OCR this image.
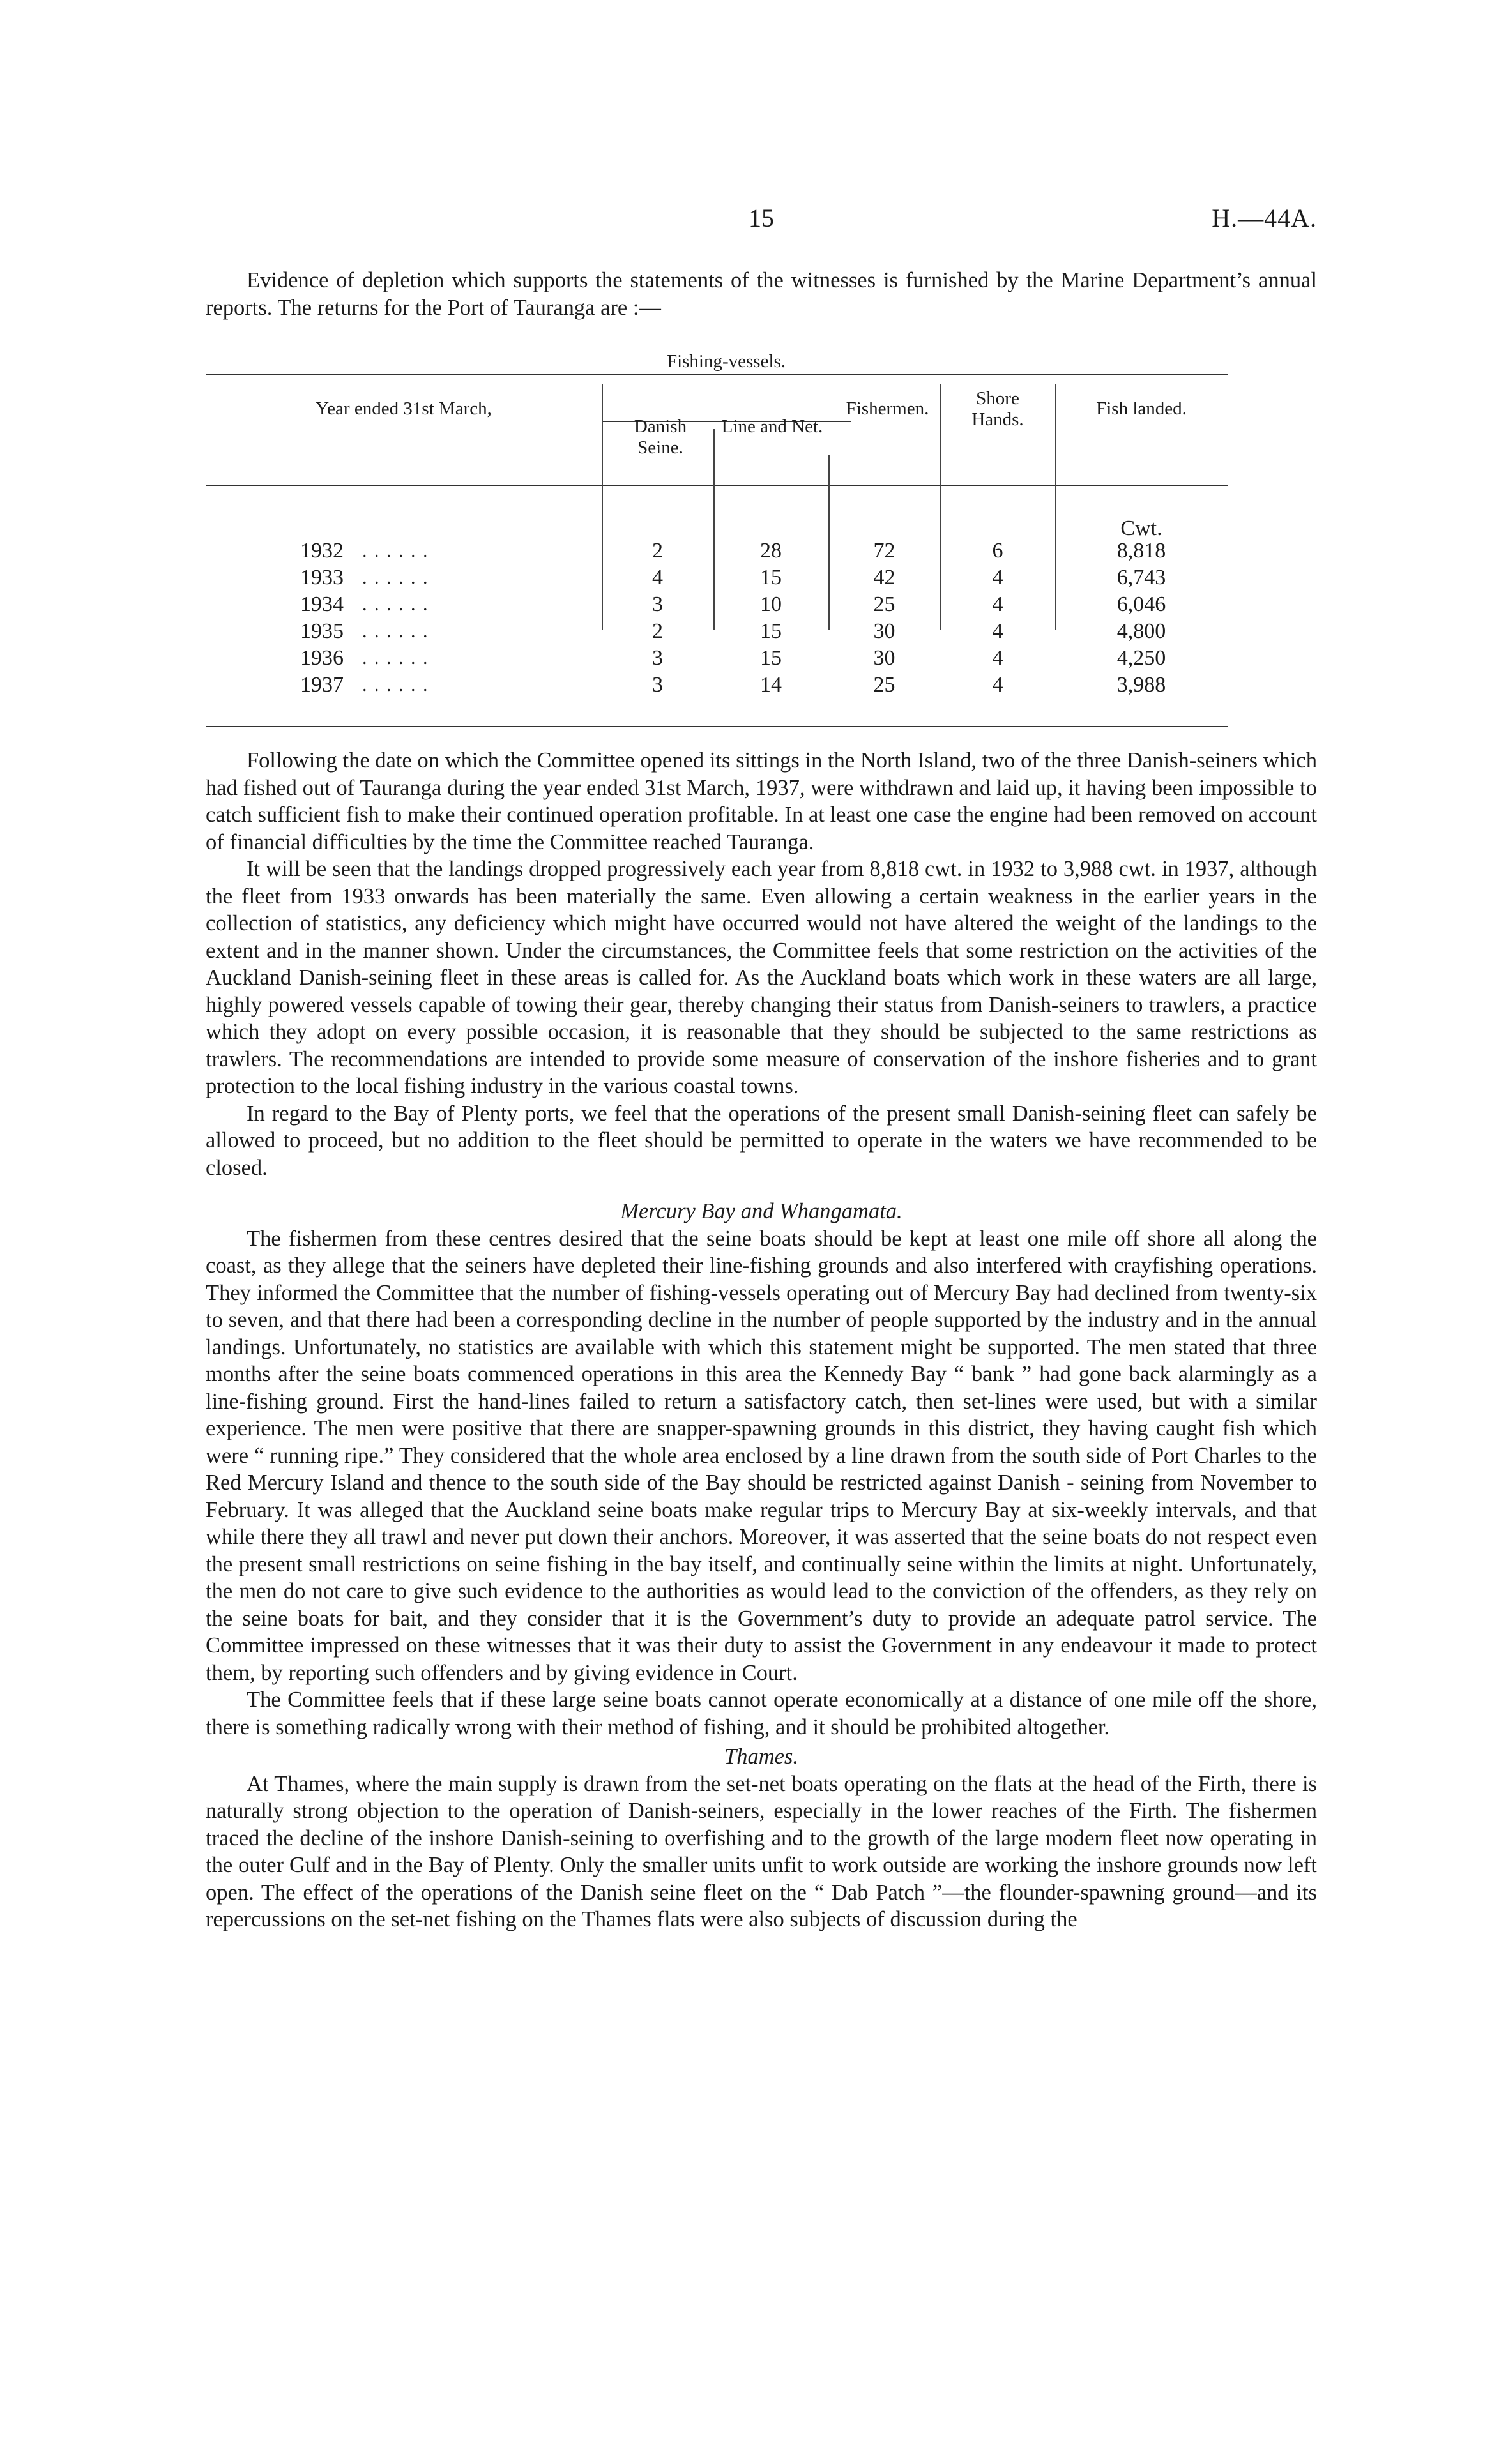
15	H.—44A.

Evidence of depletion which supports the statements of the witnesses is furnished by the Marine Department’s annual reports. The returns for the Port of Tauranga are :—

Year ended 31st March,
Fishing-vessels.
Danish Seine.
Line and Net.
Fishermen.	Shore Hands.
Fish landed.
Cwt.
1932 . . . . . .	2	28	72	6	8,818
1933 . . . . . .	4	15	42	4	6,743
1934 . . . . . .	3	10	25	4	6,046
1935 . . . . . .	2	15	30	4	4,800
1936 . . . . . .	3	15	30	4	4,250
1937 . . . . . .	3	14	25	4	3,988

Following the date on which the Committee opened its sittings in the North Island, two of the three Danish-seiners which had fished out of Tauranga during the year ended 31st March, 1937, were withdrawn and laid up, it having been impossible to catch sufficient fish to make their continued operation profitable. In at least one case the engine had been removed on account of financial difficulties by the time the Committee reached Tauranga.

It will be seen that the landings dropped progressively each year from 8,818 cwt. in 1932 to 3,988 cwt. in 1937, although the fleet from 1933 onwards has been materially the same. Even allowing a certain weakness in the earlier years in the collection of statistics, any deficiency which might have occurred would not have altered the weight of the landings to the extent and in the manner shown. Under the circumstances, the Committee feels that some restriction on the activities of the Auckland Danish-seining fleet in these areas is called for. As the Auckland boats which work in these waters are all large, highly powered vessels capable of towing their gear, thereby changing their status from Danish-seiners to trawlers, a practice which they adopt on every possible occasion, it is reasonable that they should be subjected to the same restrictions as trawlers. The recommendations are intended to provide some measure of conservation of the inshore fisheries and to grant protection to the local fishing industry in the various coastal towns.

In regard to the Bay of Plenty ports, we feel that the operations of the present small Danish-seining fleet can safely be allowed to proceed, but no addition to the fleet should be permitted to operate in the waters we have recommended to be closed.

Mercury Bay and Whangamata.

The fishermen from these centres desired that the seine boats should be kept at least one mile off shore all along the coast, as they allege that the seiners have depleted their line-fishing grounds and also interfered with crayfishing operations. They informed the Committee that the number of fishing-vessels operating out of Mercury Bay had declined from twenty-six to seven, and that there had been a corresponding decline in the number of people supported by the industry and in the annual landings. Unfortunately, no statistics are available with which this statement might be supported. The men stated that three months after the seine boats commenced operations in this area the Kennedy Bay “ bank ” had gone back alarmingly as a line-fishing ground. First the hand-lines failed to return a satisfactory catch, then set-lines were used, but with a similar experience. The men were positive that there are snapper-spawning grounds in this district, they having caught fish which were “ running ripe.” They considered that the whole area enclosed by a line drawn from the south side of Port Charles to the Red Mercury Island and thence to the south side of the Bay should be restricted against Danish - seining from November to February. It was alleged that the Auckland seine boats make regular trips to Mercury Bay at six-weekly intervals, and that while there they all trawl and never put down their anchors. Moreover, it was asserted that the seine boats do not respect even the present small restrictions on seine fishing in the bay itself, and continually seine within the limits at night. Unfortunately, the men do not care to give such evidence to the authorities as would lead to the conviction of the offenders, as they rely on the seine boats for bait, and they consider that it is the Government’s duty to provide an adequate patrol service. The Committee impressed on these witnesses that it was their duty to assist the Government in any endeavour it made to protect them, by reporting such offenders and by giving evidence in Court.

The Committee feels that if these large seine boats cannot operate economically at a distance of one mile off the shore, there is something radically wrong with their method of fishing, and it should be prohibited altogether.

Thames.

At Thames, where the main supply is drawn from the set-net boats operating on the flats at the head of the Firth, there is naturally strong objection to the operation of Danish-seiners, especially in the lower reaches of the Firth. The fishermen traced the decline of the inshore Danish-seining to overfishing and to the growth of the large modern fleet now operating in the outer Gulf and in the Bay of Plenty. Only the smaller units unfit to work outside are working the inshore grounds now left open. The effect of the operations of the Danish seine fleet on the “ Dab Patch ”—the flounder-spawning ground—and its repercussions on the set-net fishing on the Thames flats were also subjects of discussion during the
